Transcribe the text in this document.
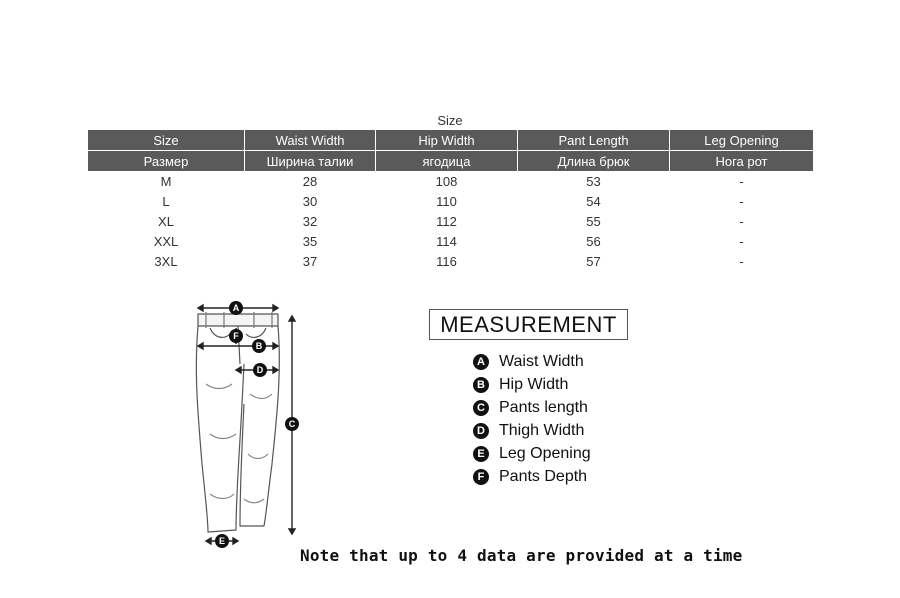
Size
Size	Waist Width	Hip Width	Pant Length	Leg Opening
Размер	Ширина талии	ягодица	Длина брюк	Нога рот
M	28	108	53	-
L	30	110	54	-
XL	32	112	55	-
XXL	35	114	56	-
3XL	37	116	57	-
A
F
B
D
C
E
MEASUREMENT
A Waist Width
B Hip Width
C Pants length
D Thigh Width
E Leg Opening
F Pants Depth
Note that up to 4 data are provided at a time
